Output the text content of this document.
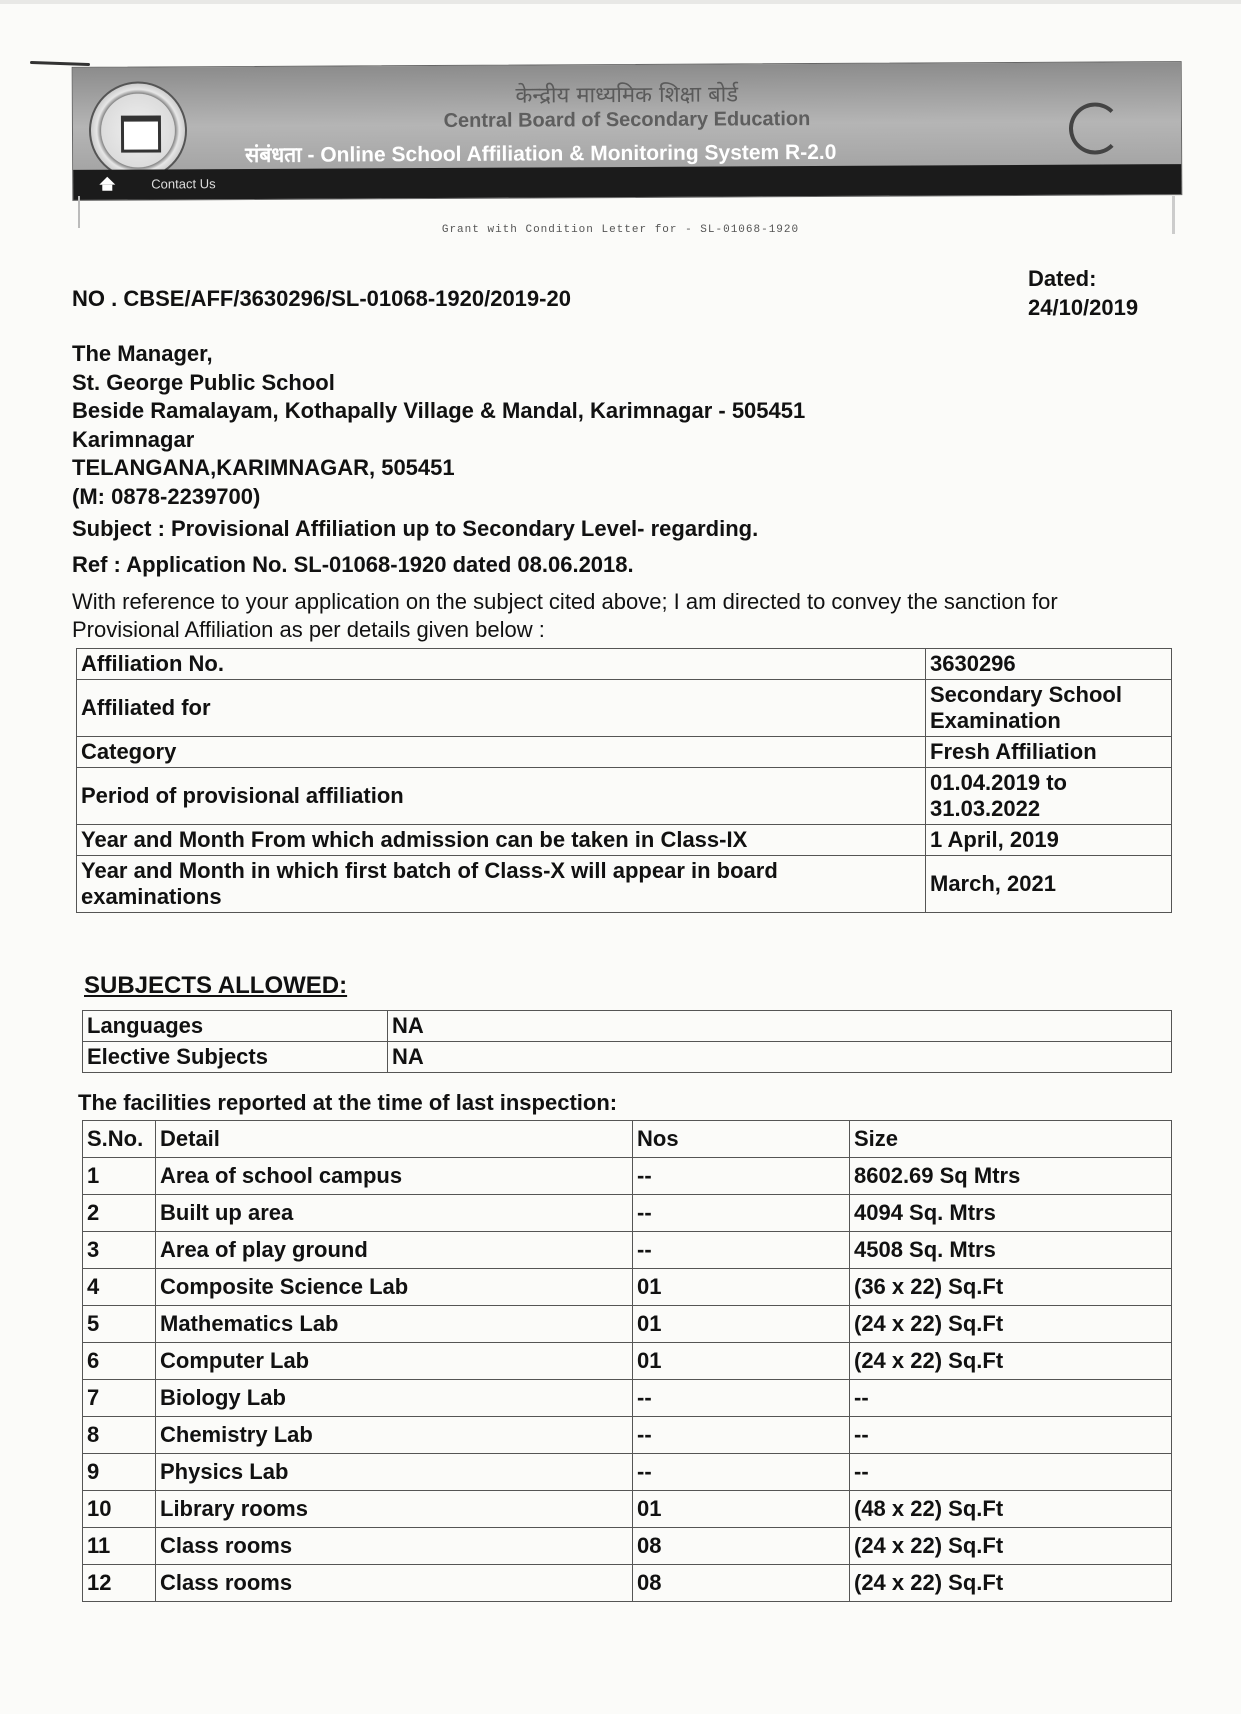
केन्द्रीय माध्यमिक शिक्षा बोर्ड
Central Board of Secondary Education
संबंधता - Online School Affiliation & Monitoring System R-2.0
Contact Us
Grant with Condition Letter for - SL-01068-1920
NO . CBSE/AFF/3630296/SL-01068-1920/2019-20
Dated:
24/10/2019
The Manager,
St. George Public School
Beside Ramalayam, Kothapally Village & Mandal, Karimnagar - 505451
Karimnagar
TELANGANA,KARIMNAGAR, 505451
(M: 0878-2239700)
Subject : Provisional Affiliation up to Secondary Level- regarding.
Ref : Application No. SL-01068-1920 dated 08.06.2018.
With reference to your application on the subject cited above; I am directed to convey the sanction for Provisional Affiliation as per details given below :
Affiliation No.	3630296
Affiliated for	Secondary School Examination
Category	Fresh Affiliation
Period of provisional affiliation	01.04.2019 to 31.03.2022
Year and Month From which admission can be taken in Class-IX	1 April, 2019
Year and Month in which first batch of Class-X will appear in board examinations	March, 2021
SUBJECTS ALLOWED:
Languages	NA
Elective Subjects	NA
The facilities reported at the time of last inspection:
S.No.	Detail	Nos	Size
1	Area of school campus	--	8602.69 Sq Mtrs
2	Built up area	--	4094 Sq. Mtrs
3	Area of play ground	--	4508 Sq. Mtrs
4	Composite Science Lab	01	(36 x 22) Sq.Ft
5	Mathematics Lab	01	(24 x 22) Sq.Ft
6	Computer Lab	01	(24 x 22) Sq.Ft
7	Biology Lab	--	--
8	Chemistry Lab	--	--
9	Physics Lab	--	--
10	Library rooms	01	(48 x 22) Sq.Ft
11	Class rooms	08	(24 x 22) Sq.Ft
12	Class rooms	08	(24 x 22) Sq.Ft
